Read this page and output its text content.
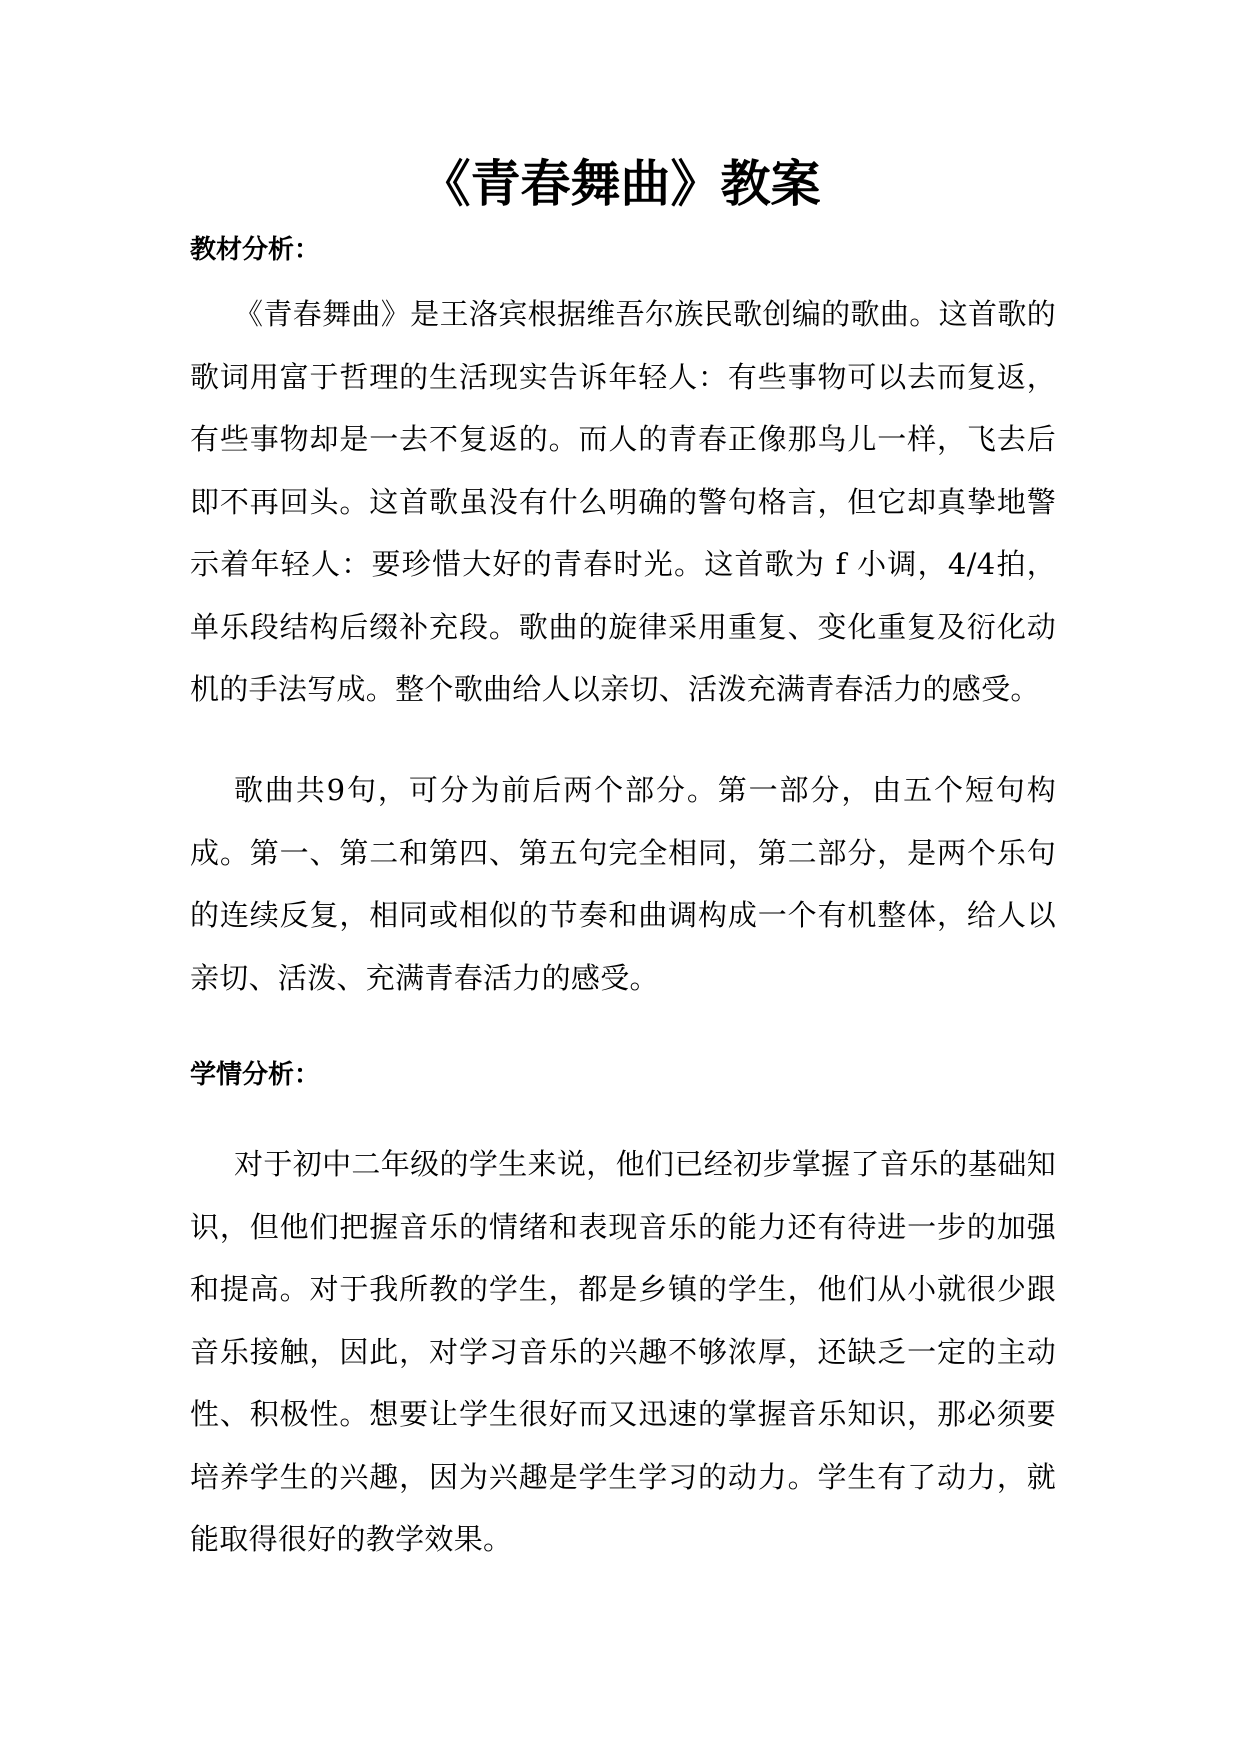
《青春舞曲》教案
教材分析：

《青春舞曲》是王洛宾根据维吾尔族民歌创编的歌曲。这首歌的歌词用富于哲理的生活现实告诉年轻人：有些事物可以去而复返，有些事物却是一去不复返的。而人的青春正像那鸟儿一样，飞去后即不再回头。这首歌虽没有什么明确的警句格言，但它却真挚地警示着年轻人：要珍惜大好的青春时光。这首歌为 f 小调，4/4拍，单乐段结构后缀补充段。歌曲的旋律采用重复、变化重复及衍化动机的手法写成。整个歌曲给人以亲切、活泼充满青春活力的感受。

歌曲共9句，可分为前后两个部分。第一部分，由五个短句构成。第一、第二和第四、第五句完全相同，第二部分，是两个乐句的连续反复，相同或相似的节奏和曲调构成一个有机整体，给人以亲切、活泼、充满青春活力的感受。

学情分析：

对于初中二年级的学生来说，他们已经初步掌握了音乐的基础知识，但他们把握音乐的情绪和表现音乐的能力还有待进一步的加强和提高。对于我所教的学生，都是乡镇的学生，他们从小就很少跟音乐接触，因此，对学习音乐的兴趣不够浓厚，还缺乏一定的主动性、积极性。想要让学生很好而又迅速的掌握音乐知识，那必须要培养学生的兴趣，因为兴趣是学生学习的动力。学生有了动力，就能取得很好的教学效果。
